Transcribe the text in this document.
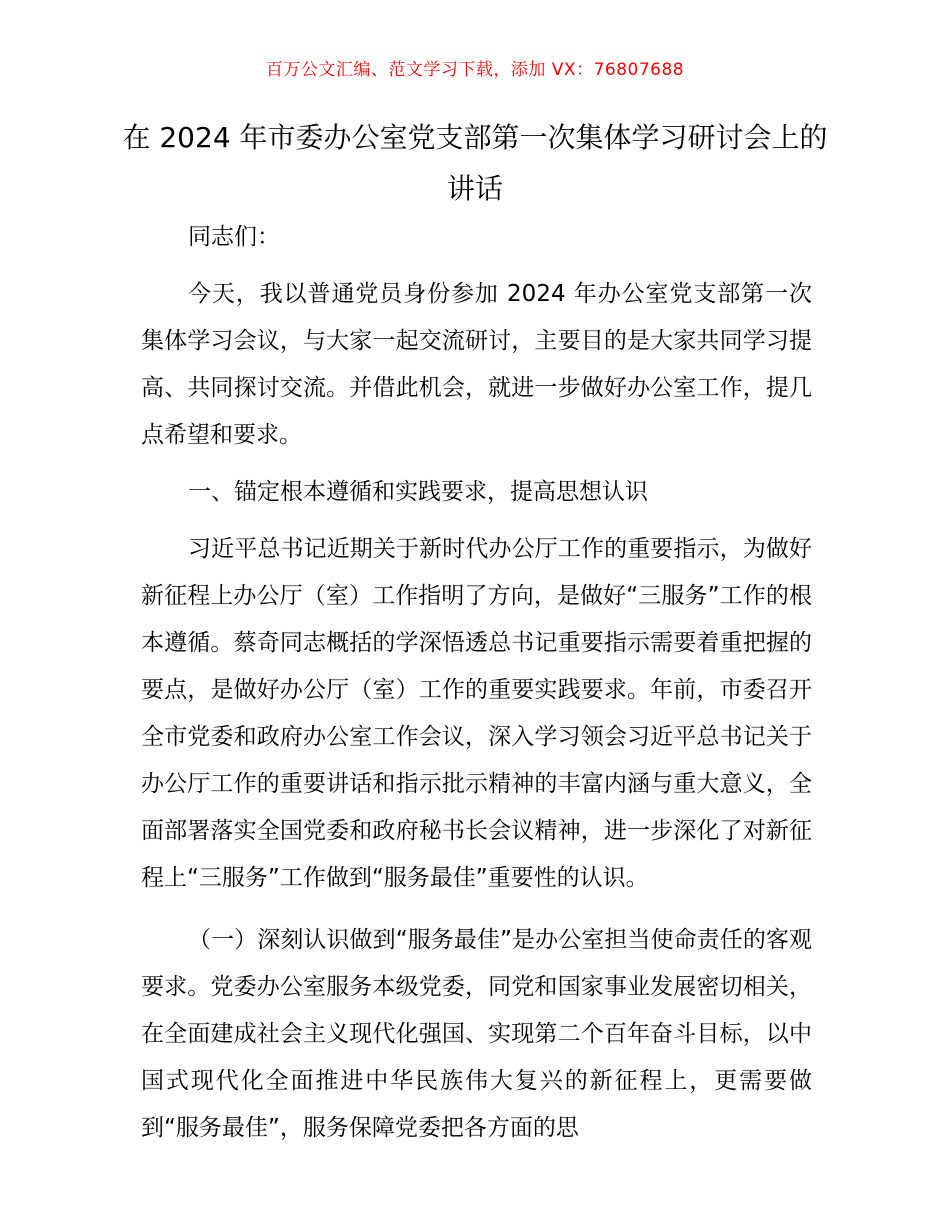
百万公文汇编、范文学习下载，添加 VX：76807688
在 2024 年市委办公室党支部第一次集体学习研讨会上的讲话

同志们：

今天，我以普通党员身份参加 2024 年办公室党支部第一次集体学习会议，与大家一起交流研讨，主要目的是大家共同学习提高、共同探讨交流。并借此机会，就进一步做好办公室工作，提几点希望和要求。

一、锚定根本遵循和实践要求，提高思想认识

习近平总书记近期关于新时代办公厅工作的重要指示，为做好新征程上办公厅（室）工作指明了方向，是做好“三服务”工作的根本遵循。蔡奇同志概括的学深悟透总书记重要指示需要着重把握的要点，是做好办公厅（室）工作的重要实践要求。年前，市委召开全市党委和政府办公室工作会议，深入学习领会习近平总书记关于办公厅工作的重要讲话和指示批示精神的丰富内涵与重大意义，全面部署落实全国党委和政府秘书长会议精神，进一步深化了对新征程上“三服务”工作做到“服务最佳”重要性的认识。

（一）深刻认识做到“服务最佳”是办公室担当使命责任的客观要求。党委办公室服务本级党委，同党和国家事业发展密切相关，在全面建成社会主义现代化强国、实现第二个百年奋斗目标，以中国式现代化全面推进中华民族伟大复兴的新征程上，更需要做到“服务最佳”，服务保障党委把各方面的思
